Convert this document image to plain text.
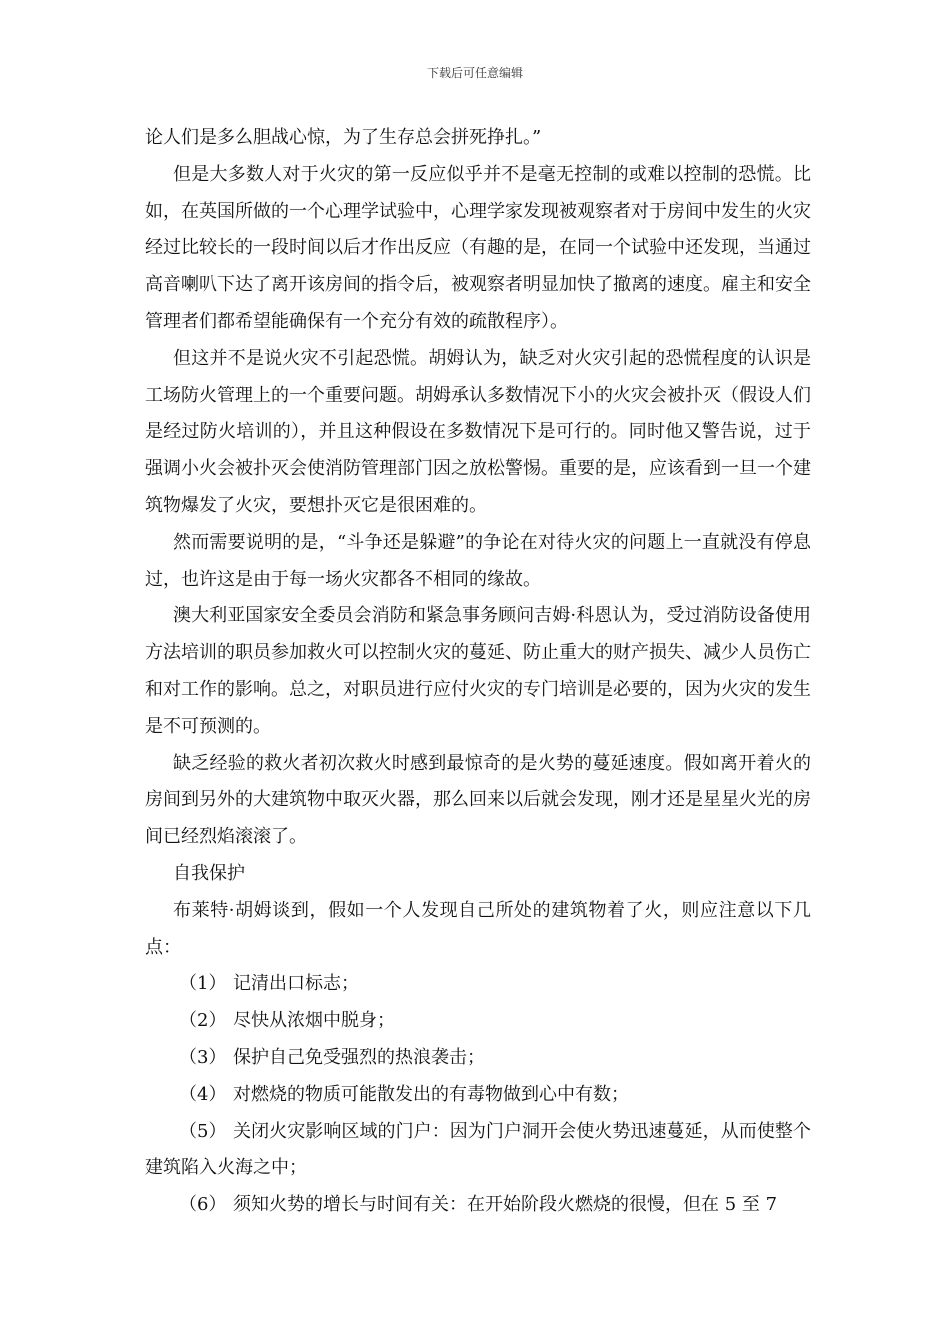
下载后可任意编辑

论人们是多么胆战心惊，为了生存总会拼死挣扎。”

但是大多数人对于火灾的第一反应似乎并不是毫无控制的或难以控制的恐慌。比如，在英国所做的一个心理学试验中，心理学家发现被观察者对于房间中发生的火灾经过比较长的一段时间以后才作出反应（有趣的是，在同一个试验中还发现，当通过高音喇叭下达了离开该房间的指令后，被观察者明显加快了撤离的速度。雇主和安全管理者们都希望能确保有一个充分有效的疏散程序）。

但这并不是说火灾不引起恐慌。胡姆认为，缺乏对火灾引起的恐慌程度的认识是工场防火管理上的一个重要问题。胡姆承认多数情况下小的火灾会被扑灭（假设人们是经过防火培训的），并且这种假设在多数情况下是可行的。同时他又警告说，过于强调小火会被扑灭会使消防管理部门因之放松警惕。重要的是，应该看到一旦一个建筑物爆发了火灾，要想扑灭它是很困难的。

然而需要说明的是，“斗争还是躲避”的争论在对待火灾的问题上一直就没有停息过，也许这是由于每一场火灾都各不相同的缘故。

澳大利亚国家安全委员会消防和紧急事务顾问吉姆·科恩认为，受过消防设备使用方法培训的职员参加救火可以控制火灾的蔓延、防止重大的财产损失、减少人员伤亡和对工作的影响。总之，对职员进行应付火灾的专门培训是必要的，因为火灾的发生是不可预测的。

缺乏经验的救火者初次救火时感到最惊奇的是火势的蔓延速度。假如离开着火的房间到另外的大建筑物中取灭火器，那么回来以后就会发现，刚才还是星星火光的房间已经烈焰滚滚了。

自我保护

布莱特·胡姆谈到，假如一个人发现自己所处的建筑物着了火，则应注意以下几点：

（1） 记清出口标志；

（2） 尽快从浓烟中脱身；

（3） 保护自己免受强烈的热浪袭击；

（4） 对燃烧的物质可能散发出的有毒物做到心中有数；

（5） 关闭火灾影响区域的门户：因为门户洞开会使火势迅速蔓延，从而使整个建筑陷入火海之中；

（6） 须知火势的增长与时间有关：在开始阶段火燃烧的很慢，但在 5 至 7
